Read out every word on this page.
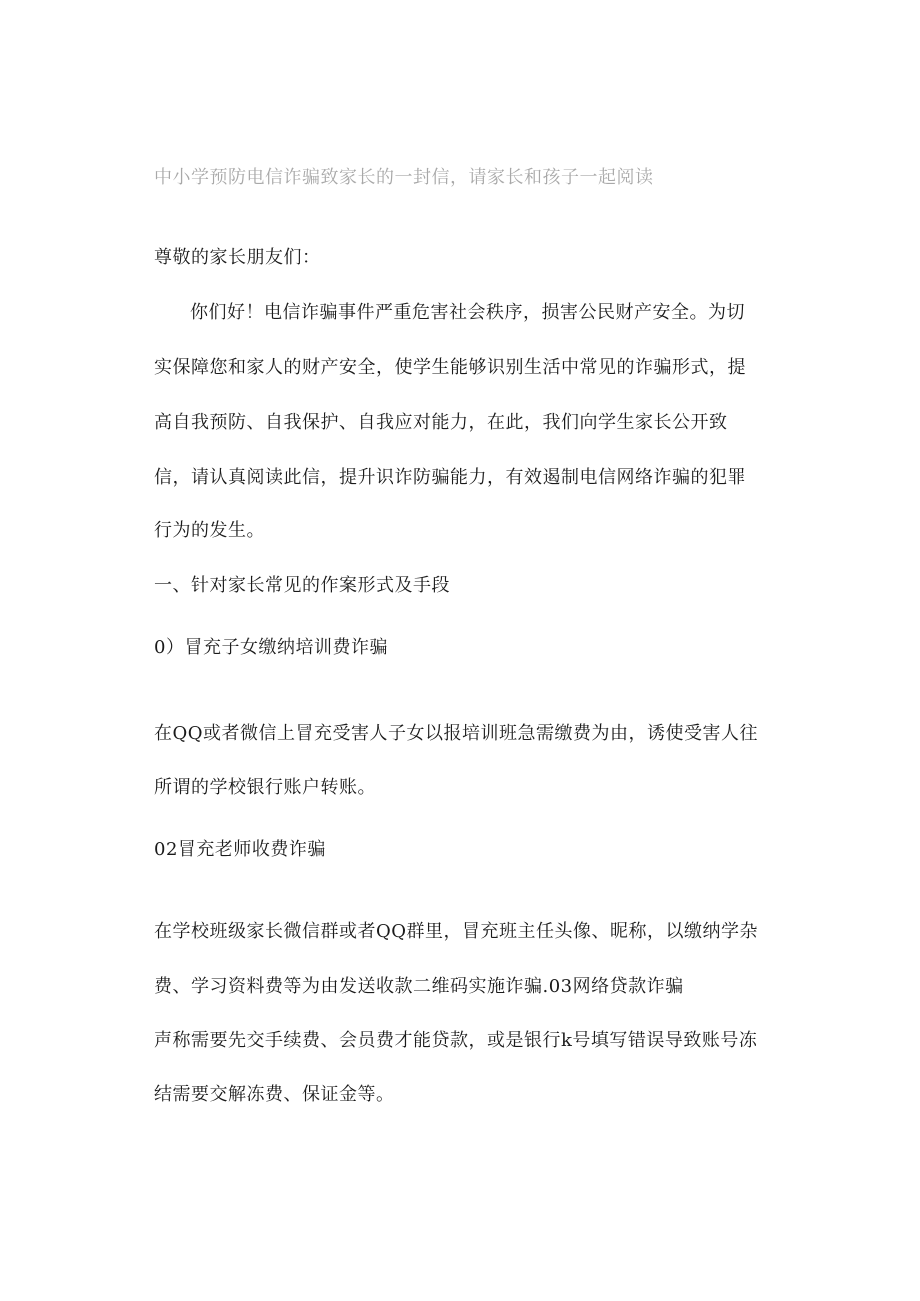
中小学预防电信诈骗致家长的一封信，请家长和孩子一起阅读
尊敬的家长朋友们：
你们好！电信诈骗事件严重危害社会秩序，损害公民财产安全。为切
实保障您和家人的财产安全，使学生能够识别生活中常见的诈骗形式，提
高自我预防、自我保护、自我应对能力，在此，我们向学生家长公开致
信，请认真阅读此信，提升识诈防骗能力，有效遏制电信网络诈骗的犯罪
行为的发生。
一、针对家长常见的作案形式及手段
0）冒充子女缴纳培训费诈骗
在QQ或者微信上冒充受害人子女以报培训班急需缴费为由，诱使受害人往
所谓的学校银行账户转账。
02冒充老师收费诈骗
在学校班级家长微信群或者QQ群里，冒充班主任头像、昵称，以缴纳学杂
费、学习资料费等为由发送收款二维码实施诈骗.03网络贷款诈骗
声称需要先交手续费、会员费才能贷款，或是银行k号填写错误导致账号冻
结需要交解冻费、保证金等。
